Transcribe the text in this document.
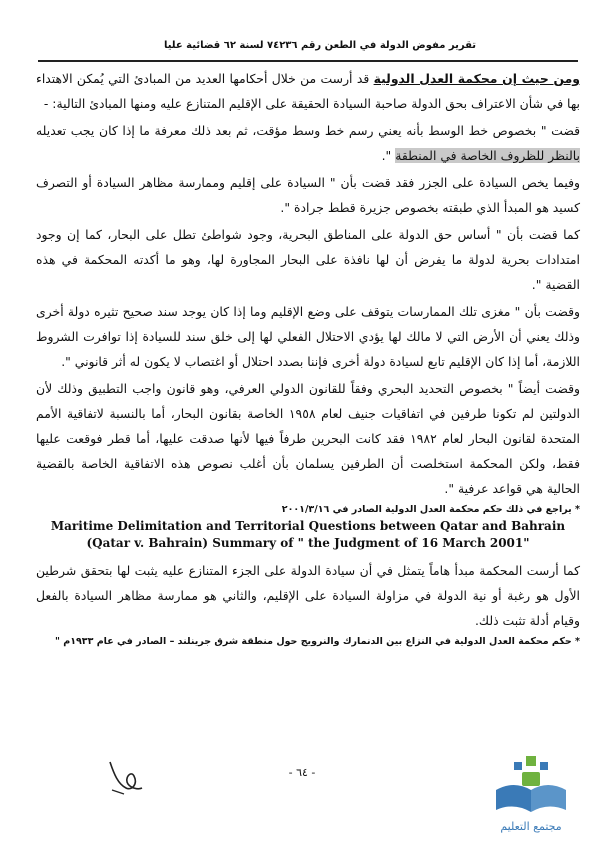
تقرير مفوض الدولة في الطعن رقم ٧٤٢٣٦ لسنة ٦٢ قضائية عليا

ومن حيث إن محكمة العدل الدولية قد أرست من خلال أحكامها العديد من المبادئ التي يُمكن الاهتداء بها في شأن الاعتراف بحق الدولة صاحبة السيادة الحقيقة على الإقليم المتنازع عليه ومنها المبادئ التالية: -

قضت " بخصوص خط الوسط بأنه يعني رسم خط وسط مؤقت، ثم بعد ذلك معرفة ما إذا كان يجب تعديله بالنظر للظروف الخاصة في المنطقة ".

وفيما يخص السيادة على الجزر فقد قضت بأن " السيادة على إقليم وممارسة مظاهر السيادة أو التصرف كسيد هو المبدأ الذي طبقته بخصوص جزيرة قطط جرادة ".

كما قضت بأن " أساس حق الدولة على المناطق البحرية، وجود شواطئ تطل على البحار، كما إن وجود امتدادات بحرية لدولة ما يفرض أن لها نافذة على البحار المجاورة لها، وهو ما أكدته المحكمة في هذه القضية ".

وقضت بأن " مغزى تلك الممارسات يتوقف على وضع الإقليم وما إذا كان يوجد سند صحيح تثيره دولة أخرى وذلك يعني أن الأرض التي لا مالك لها يؤدي الاحتلال الفعلي لها إلى خلق سند للسيادة إذا توافرت الشروط اللازمة، أما إذا كان الإقليم تابع لسيادة دولة أخرى فإننا بصدد احتلال أو اغتصاب لا يكون له أثر قانوني ".

وقضت أيضاً " بخصوص التحديد البحري وفقاً للقانون الدولي العرفي، وهو قانون واجب التطبيق وذلك لأن الدولتين لم تكونا طرفين في اتفاقيات جنيف لعام ١٩٥٨ الخاصة بقانون البحار، أما بالنسبة لاتفاقية الأمم المتحدة لقانون البحار لعام ١٩٨٢ فقد كانت البحرين طرفاً فيها لأنها صدقت عليها، أما قطر فوقعت عليها فقط، ولكن المحكمة استخلصت أن الطرفين يسلمان بأن أغلب نصوص هذه الاتفاقية الخاصة بالقضية الحالية هي قواعد عرفية ".

* يراجع في ذلك حكم محكمة العدل الدولية الصادر في ٢٠٠١/٣/١٦

Maritime Delimitation and Territorial Questions between Qatar and Bahrain (Qatar v. Bahrain) Summary of " the Judgment of 16 March 2001"

كما أرست المحكمة مبدأ هاماً يتمثل في أن سيادة الدولة على الجزء المتنازع عليه يثبت لها بتحقق شرطين الأول هو رغبة أو نية الدولة في مزاولة السيادة على الإقليم، والثاني هو ممارسة مظاهر السيادة بالفعل وقيام أدلة تثبت ذلك.

* حكم محكمة العدل الدولية في النزاع بين الدنمارك والنرويج حول منطقة شرق جرينلند – الصادر في عام ١٩٣٣م "

- ٦٤ -
مجتمع التعليم
